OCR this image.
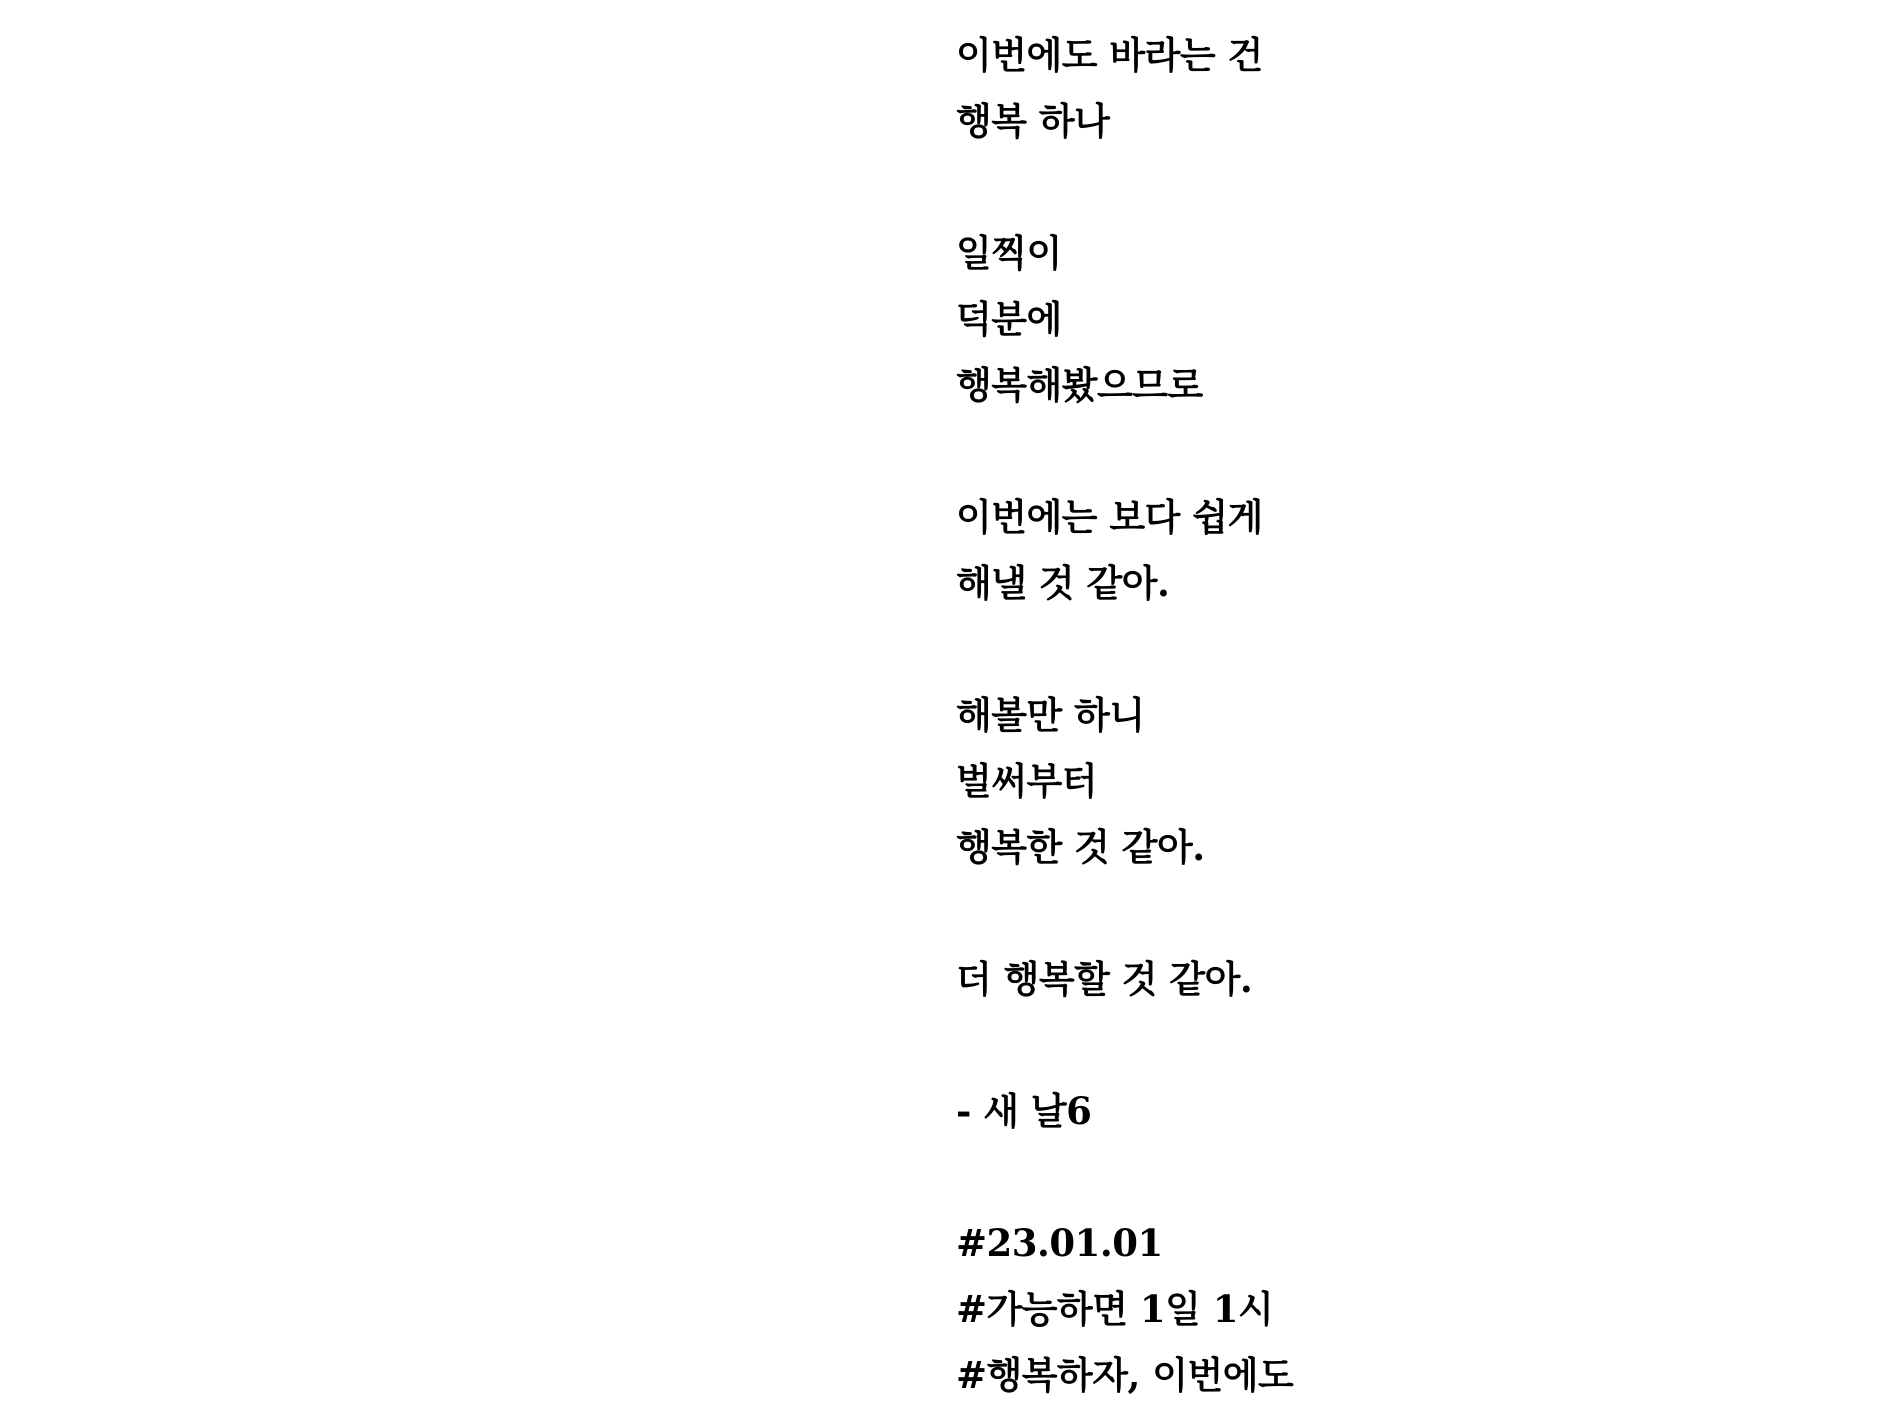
이번에도 바라는 건
행복 하나
일찍이
덕분에
행복해봤으므로
이번에는 보다 쉽게
해낼 것 같아.
해볼만 하니
벌써부터
행복한 것 같아.
더 행복할 것 같아.
- 새 날6
#23.01.01
#가능하면 1일 1시
#행복하자, 이번에도
